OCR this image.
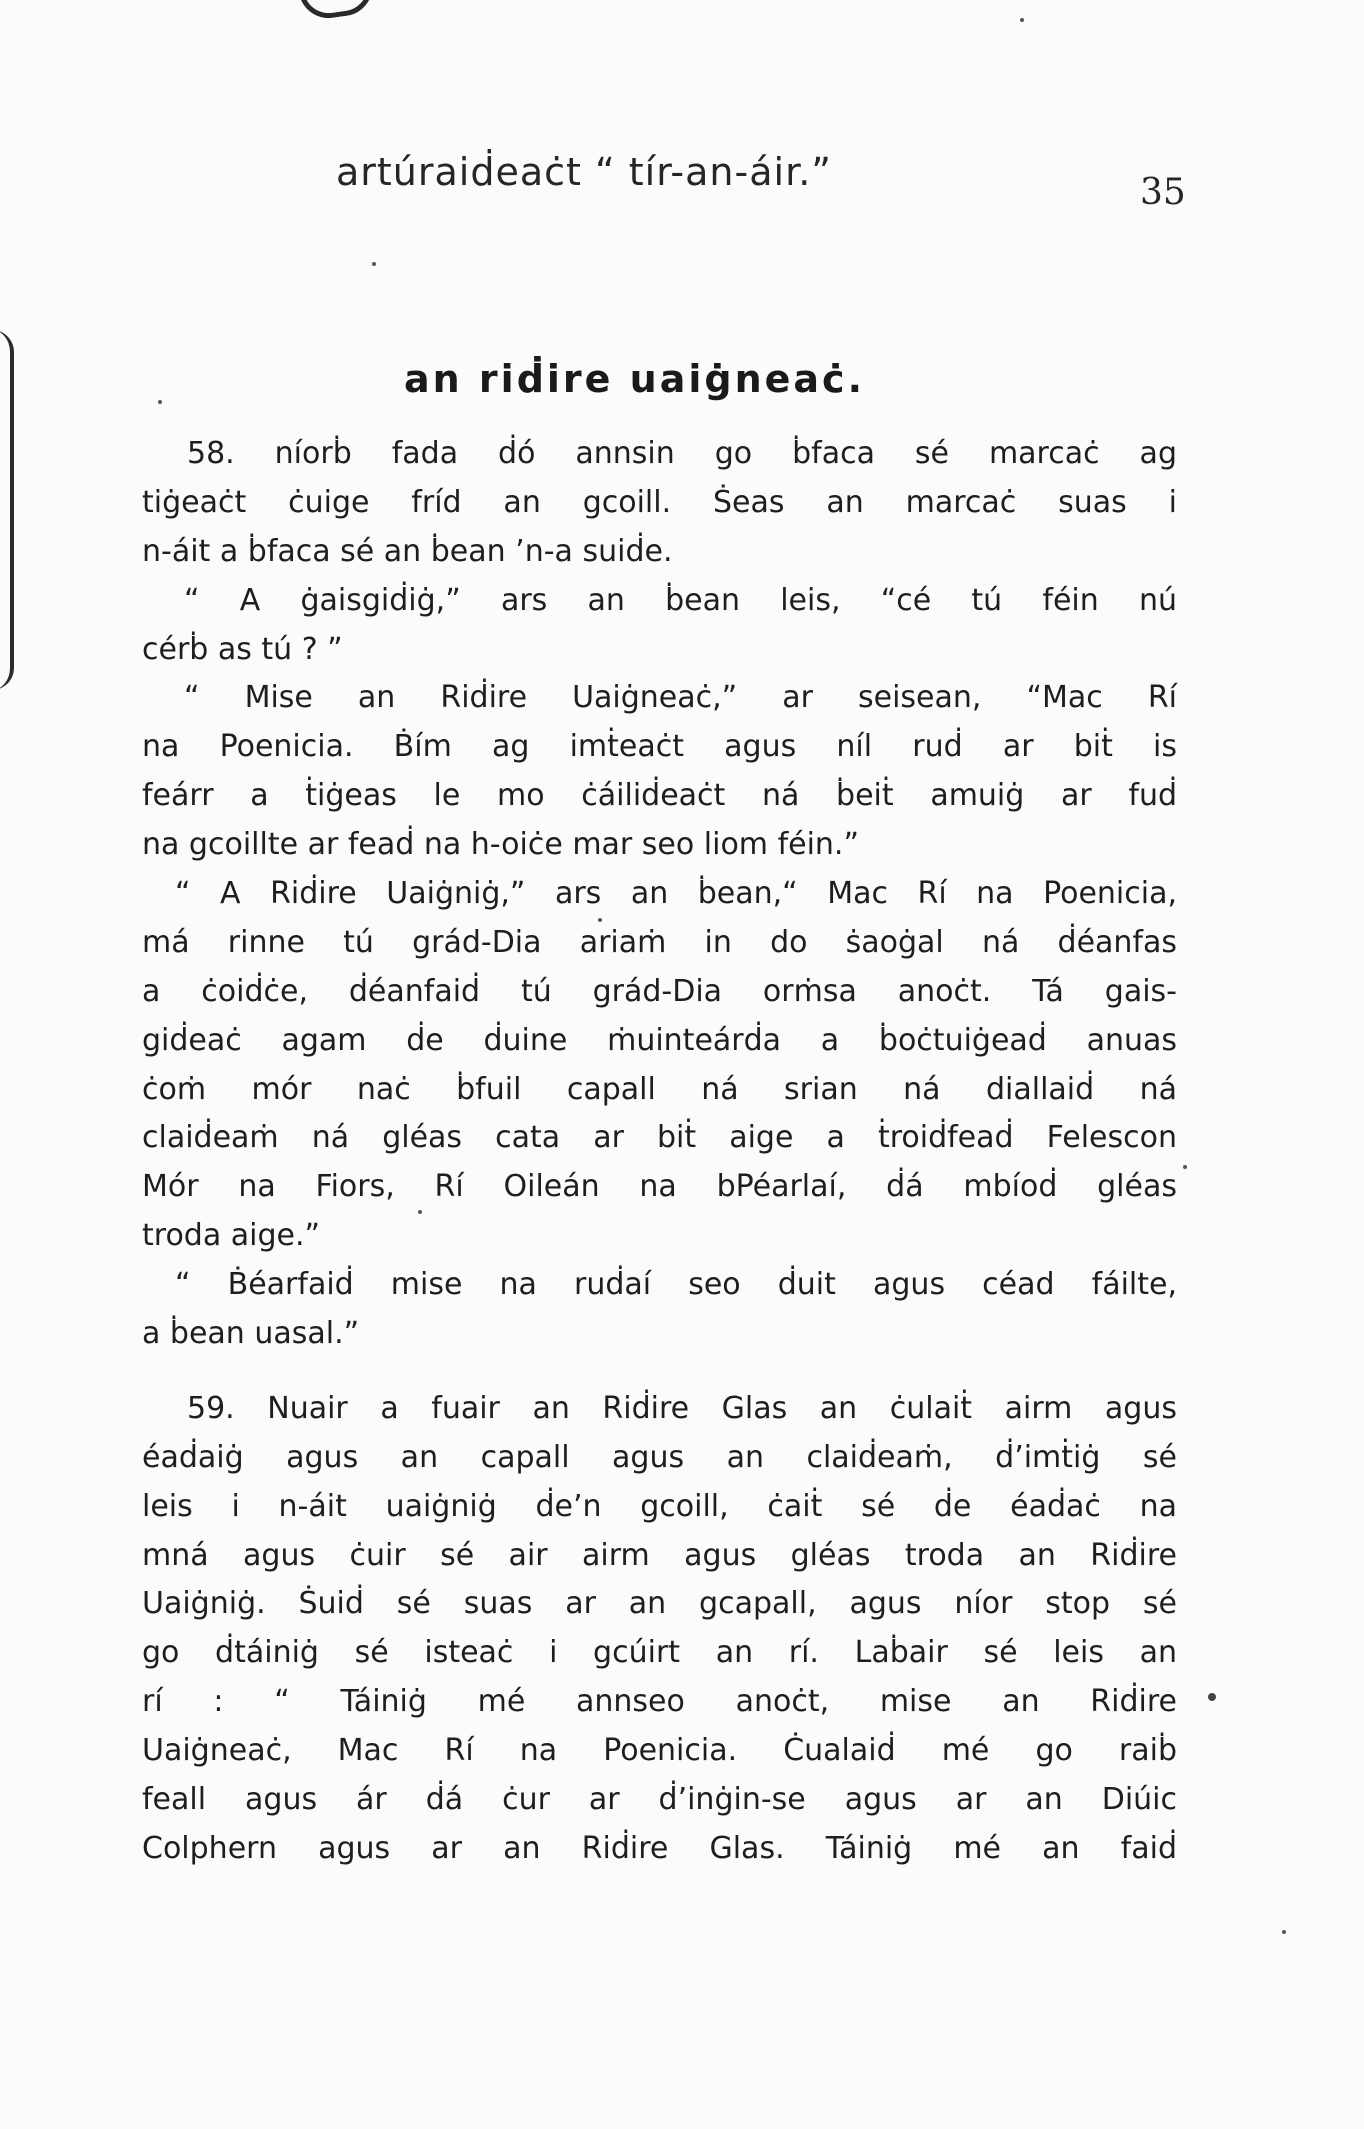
artúraiḋeaċt “ tír-an-áir.”	35
an riḋire uaiġneaċ.
58. níorḃ fada ḋó annsin go ḃfaca sé marcaċ ag
tiġeaċt ċuige fríd an gcoill. Ṡeas an marcaċ suas i
n-áit a ḃfaca sé an ḃean ’n-a suiḋe.
“ A ġaisgiḋiġ,” ars an ḃean leis, “cé tú féin nú
cérḃ as tú ? ”
“ Mise an Riḋire Uaiġneaċ,” ar seisean, “Mac Rí
na Poenicia. Ḃím ag imṫeaċt agus níl ruḋ ar biṫ is
feárr a ṫiġeas le mo ċáiliḋeaċt ná ḃeiṫ amuiġ ar fuḋ
na gcoillte ar feaḋ na h-oiċe mar seo liom féin.”
“ A Riḋire Uaiġniġ,” ars an ḃean,“ Mac Rí na Poenicia,
má rinne tú grád-Dia ariaṁ in do ṡaoġal ná ḋéanfas
a ċoiḋċe, ḋéanfaiḋ tú grád-Dia orṁsa anoċt. Tá gais-
giḋeaċ agam ḋe ḋuine ṁuinteárḋa a ḃoċtuiġeaḋ anuas
ċoṁ mór naċ ḃfuil capall ná srian ná diallaiḋ ná
claiḋeaṁ ná gléas cata ar biṫ aige a ṫroiḋfeaḋ Felescon
Mór na Fiors, Rí Oileán na bPéarlaí, ḋá mbíoḋ gléas
troda aige.”
“ Ḃéarfaiḋ mise na ruḋaí seo ḋuit agus céad fáilte,
a ḃean uasal.”
59. Nuair a fuair an Riḋire Glas an ċulaiṫ airm agus
éaḋaiġ agus an capall agus an claiḋeaṁ, ḋ’imṫiġ sé
leis i n-áit uaiġniġ ḋe’n gcoill, ċaiṫ sé ḋe éaḋaċ na
mná agus ċuir sé air airm agus gléas troda an Riḋire
Uaiġniġ. Ṡuiḋ sé suas ar an gcapall, agus níor stop sé
go ḋtáiniġ sé isteaċ i gcúirt an rí. Laḃair sé leis an
rí : “ Táiniġ mé annseo anoċt, mise an Riḋire
Uaiġneaċ, Mac Rí na Poenicia. Ċualaiḋ mé go raiḃ
feall agus ár ḋá ċur ar ḋ’inġin-se agus ar an Diúic
Colphern agus ar an Riḋire Glas. Táiniġ mé an faiḋ
